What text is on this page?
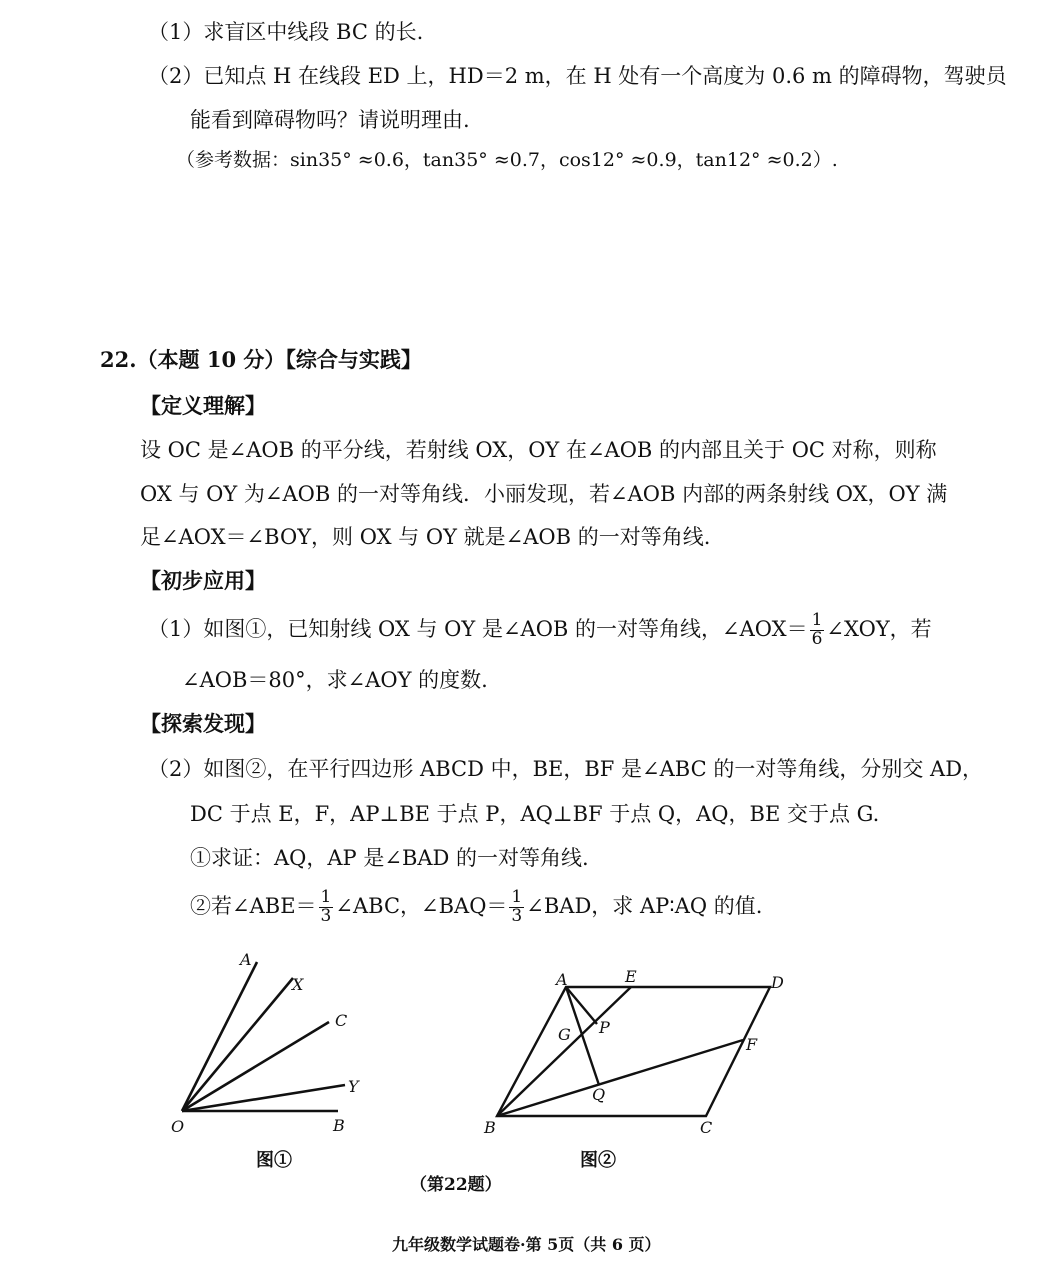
（1）求盲区中线段 BC 的长.
（2）已知点 H 在线段 ED 上，HD＝2 m，在 H 处有一个高度为 0.6 m 的障碍物，驾驶员
能看到障碍物吗？请说明理由.
（参考数据：sin35° ≈0.6，tan35° ≈0.7，cos12° ≈0.9，tan12° ≈0.2）.
22.（本题 10 分）【综合与实践】
【定义理解】
设 OC 是∠AOB 的平分线，若射线 OX，OY 在∠AOB 的内部且关于 OC 对称，则称
OX 与 OY 为∠AOB 的一对等角线．小丽发现，若∠AOB 内部的两条射线 OX，OY 满
足∠AOX＝∠BOY，则 OX 与 OY 就是∠AOB 的一对等角线.
【初步应用】
（1）如图①，已知射线 OX 与 OY 是∠AOB 的一对等角线，∠AOX＝ $\frac{1}{6}$ ∠XOY，若
∠AOB＝80°，求∠AOY 的度数.
【探索发现】
（2）如图②，在平行四边形 ABCD 中，BE，BF 是∠ABC 的一对等角线，分别交 AD，
DC 于点 E，F，AP⊥BE 于点 P，AQ⊥BF 于点 Q，AQ，BE 交于点 G.
①求证：AQ，AP 是∠BAD 的一对等角线.
②若∠ABE＝ $\frac{1}{3}$ ∠ABC，∠BAQ＝ $\frac{1}{3}$ ∠BAD，求 AP∶AQ 的值.
A
X
C
Y
O	B
图①
A	E	D
G P
F
Q
B	C
图②
（第22题）
九年级数学试题卷·第 5页（共 6 页）
